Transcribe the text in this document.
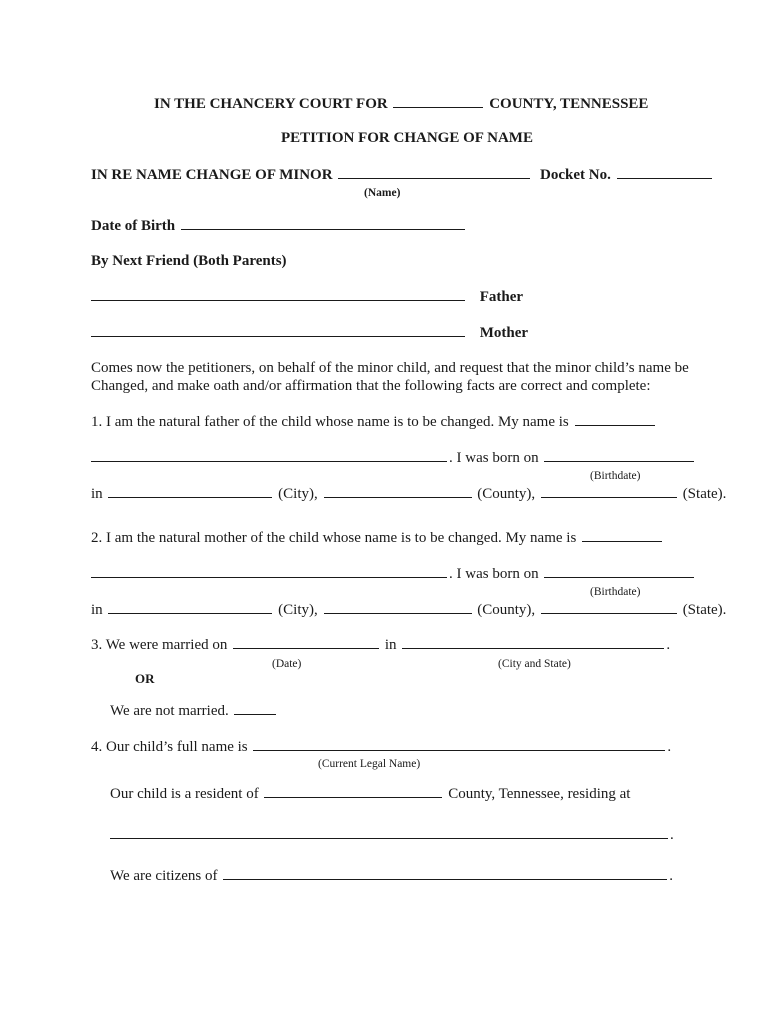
IN THE CHANCERY COURT FOR	COUNTY, TENNESSEE
PETITION FOR CHANGE OF NAME
IN RE NAME CHANGE OF MINOR	Docket No.
(Name)
Date of Birth
By Next Friend (Both Parents)
Father
Mother
Comes now the petitioners, on behalf of the minor child, and request that the minor child’s name be
Changed, and make oath and/or affirmation that the following facts are correct and complete:
1. I am the natural father of the child whose name is to be changed. My name is
. I was born on
(Birthdate)
in	(City),	(County),	(State).
2. I am the natural mother of the child whose name is to be changed. My name is
. I was born on
(Birthdate)
in	(City),	(County),	(State).
3. We were married on	in	.
(Date)	(City and State)
OR
We are not married.
4. Our child’s full name is	.
(Current Legal Name)
Our child is a resident of	County, Tennessee, residing at
.
We are citizens of	.
